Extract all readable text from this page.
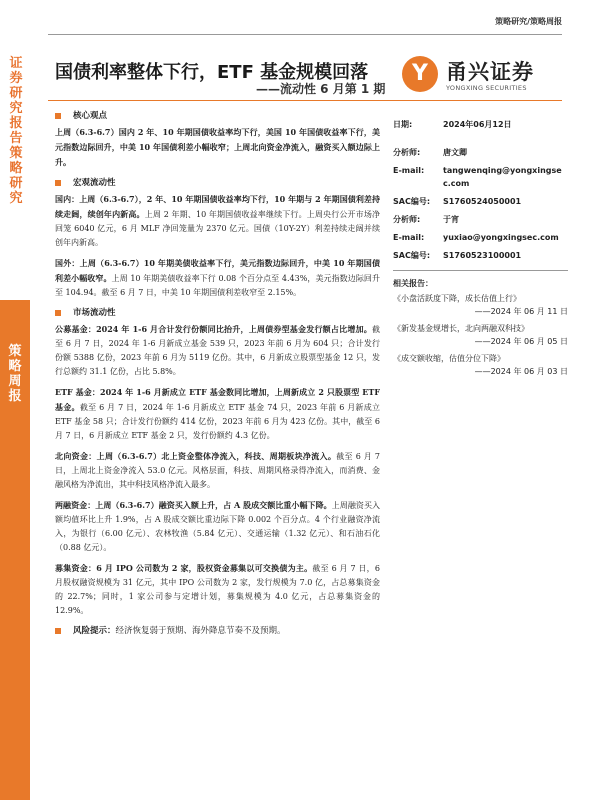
证券研究报告 策略研究
策略周报
策略研究/策略周报
国债利率整体下行，ETF 基金规模回落
——流动性 6 月第 1 期
Y 甬兴证券
YONGXING SECURITIES
核心观点

上周（6.3-6.7）国内 2 年、10 年期国债收益率均下行，美国 10 年国债收益率下行，美元指数边际回升，中美 10 年国债利差小幅收窄；上周北向资金净流入，融资买入额边际上升。

宏观流动性

国内：上周（6.3-6.7），2 年、10 年期国债收益率均下行，10 年期与 2 年期国债利差持续走阔，续创年内新高。上周 2 年期、10 年期国债收益率继续下行。上周央行公开市场净回笼 6040 亿元，6 月 MLF 净回笼量为 2370 亿元。国债（10Y-2Y）利差持续走阔并续创年内新高。

国外：上周（6.3-6.7）10 年期美债收益率下行，美元指数边际回升，中美 10 年期国债利差小幅收窄。上周 10 年期美债收益率下行 0.08 个百分点至 4.43%，美元指数边际回升至 104.94。截至 6 月 7 日，中美 10 年期国债利差收窄至 2.15%。

市场流动性

公募基金：2024 年 1-6 月合计发行份额同比抬升，上周债券型基金发行额占比增加。截至 6 月 7 日，2024 年 1-6 月新成立基金 539 只，2023 年前 6 月为 604 只；合计发行份额 5388 亿份，2023 年前 6 月为 5119 亿份。其中，6 月新成立股票型基金 12 只，发行总额约 31.1 亿份，占比 5.8%。

ETF 基金：2024 年 1-6 月新成立 ETF 基金数同比增加，上周新成立 2 只股票型 ETF 基金。截至 6 月 7 日，2024 年 1-6 月新成立 ETF 基金 74 只，2023 年前 6 月新成立 ETF 基金 58 只；合计发行份额约 414 亿份，2023 年前 6 月为 423 亿份。其中，截至 6 月 7 日，6 月新成立 ETF 基金 2 只，发行份额约 4.3 亿份。

北向资金：上周（6.3-6.7）北上资金整体净流入，科技、周期板块净流入。截至 6 月 7 日，上周北上资金净流入 53.0 亿元。风格层面，科技、周期风格录得净流入，而消费、金融风格为净流出，其中科技风格净流入最多。

两融资金：上周（6.3-6.7）融资买入额上升，占 A 股成交额比重小幅下降。上周融资买入额均值环比上升 1.9%，占 A 股成交额比重边际下降 0.002 个百分点。4 个行业融资净流入，为银行（6.00 亿元）、农林牧渔（5.84 亿元）、交通运输（1.32 亿元）、和石油石化（0.88 亿元）。

募集资金：6 月 IPO 公司数为 2 家，股权资金募集以可交换债为主。截至 6 月 7 日，6 月股权融资规模为 31 亿元，其中 IPO 公司数为 2 家，发行规模为 7.0 亿，占总募集资金的 22.7%；同时，1 家公司参与定增计划，募集规模为 4.0 亿元，占总募集资金的 12.9%。

风险提示：经济恢复弱于预期、海外降息节奏不及预期。
日期:	2024年06月12日
分析师:	唐文卿
E-mail:	tangwenqing@yongxingsec.com
SAC编号:	S1760524050001
分析师:	于宵
E-mail:	yuxiao@yongxingsec.com
SAC编号:	S1760523100001
相关报告：
《小盘活跃度下降，成长估值上行》
——2024 年 06 月 11 日
《新发基金规增长，北向两融双科技》
——2024 年 06 月 05 日
《成交额收缩，估值分位下降》
——2024 年 06 月 03 日
